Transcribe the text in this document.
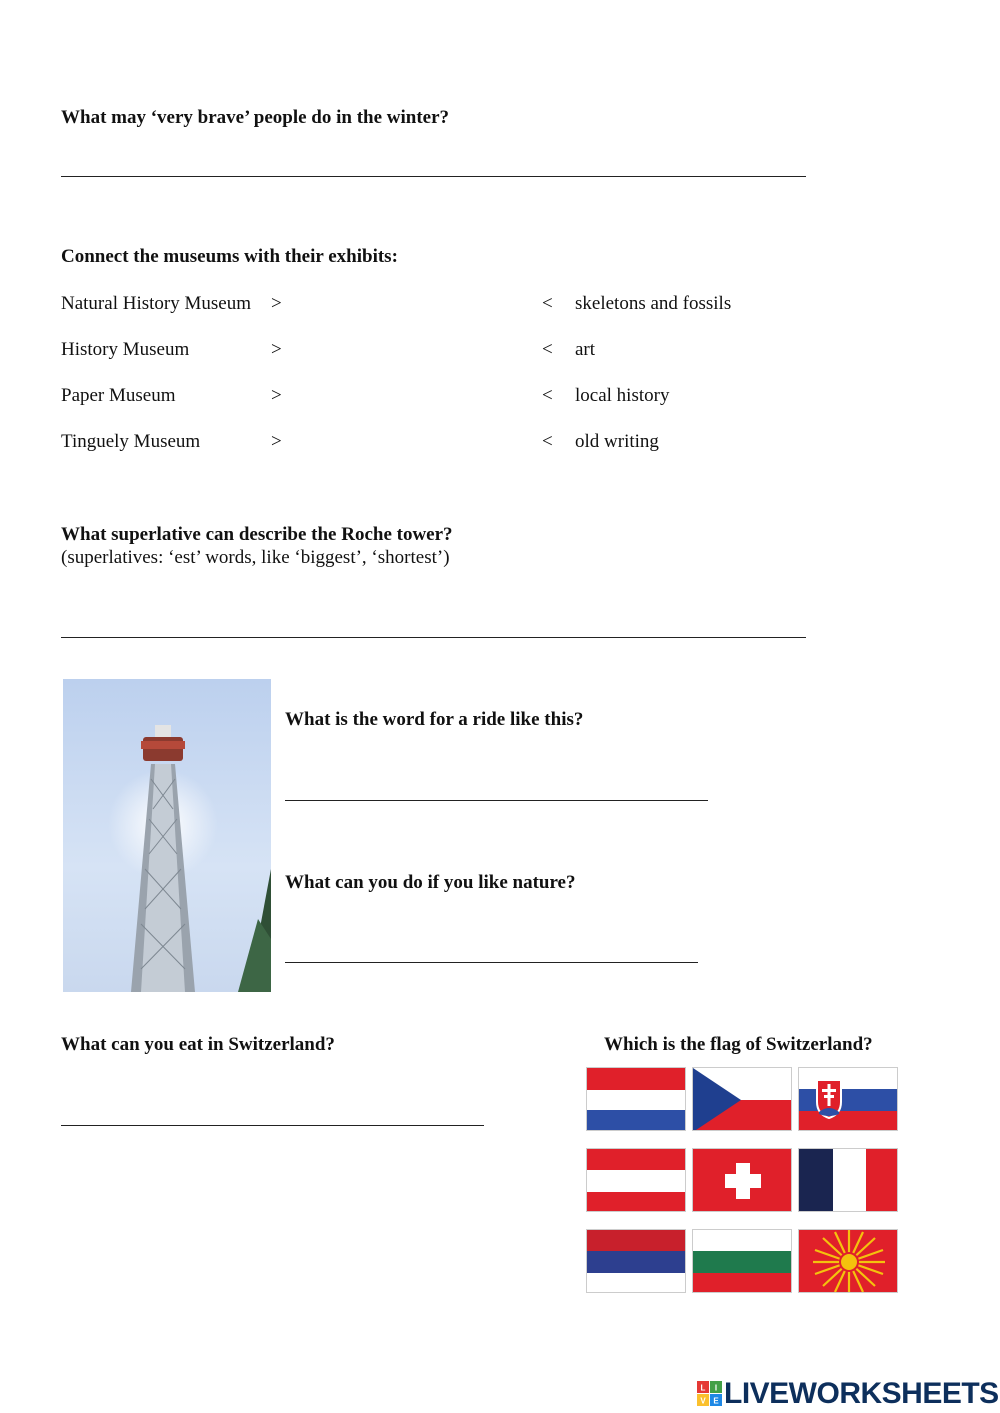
What may ‘very brave’ people do in the winter?
Connect the museums with their exhibits:
Natural History Museum >	< skeletons and fossils
History Museum	>	< art
Paper Museum	>	< local history
Tinguely Museum	>	< old writing
What superlative can describe the Roche tower?
(superlatives: ‘est’ words, like ‘biggest’, ‘shortest’)
What is the word for a ride like this?
What can you do if you like nature?
What can you eat in Switzerland?	Which is the flag of Switzerland?
L I
V E LIVEWORKSHEETS
